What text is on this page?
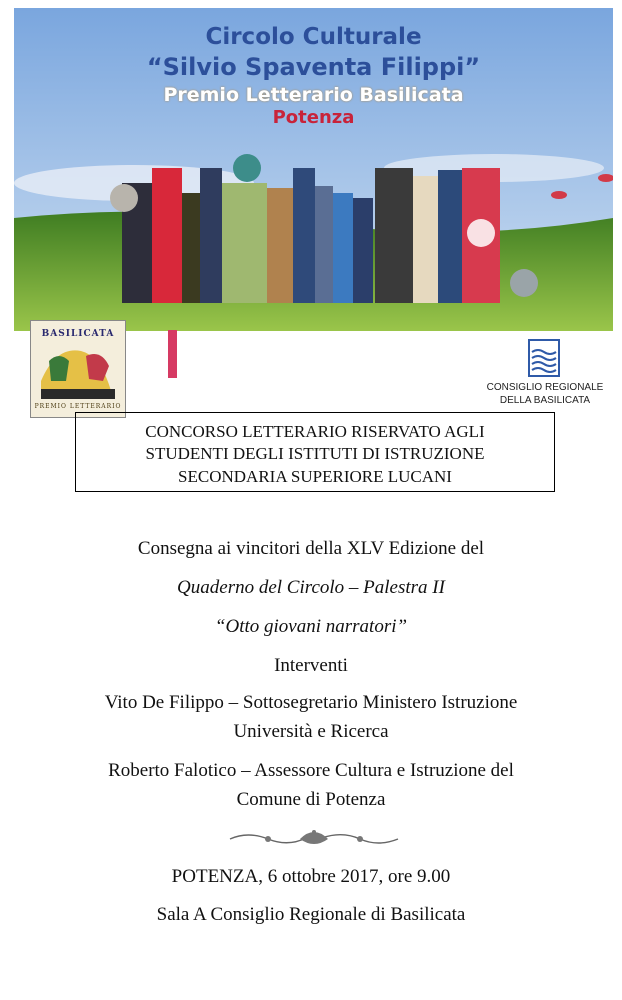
Circolo Culturale
“Silvio Spaventa Filippi”
Premio Letterario Basilicata
Potenza
BASILICATA
PREMIO LETTERARIO
CONSIGLIO REGIONALE
DELLA BASILICATA
CONCORSO LETTERARIO RISERVATO AGLI
STUDENTI DEGLI ISTITUTI DI ISTRUZIONE
SECONDARIA SUPERIORE LUCANI
Consegna ai vincitori della XLV Edizione del
Quaderno del Circolo – Palestra II
“Otto giovani narratori”
Interventi
Vito De Filippo – Sottosegretario Ministero Istruzione
Università e Ricerca
Roberto Falotico – Assessore Cultura e Istruzione del
Comune di Potenza
POTENZA, 6 ottobre 2017, ore 9.00
Sala A Consiglio Regionale di Basilicata
